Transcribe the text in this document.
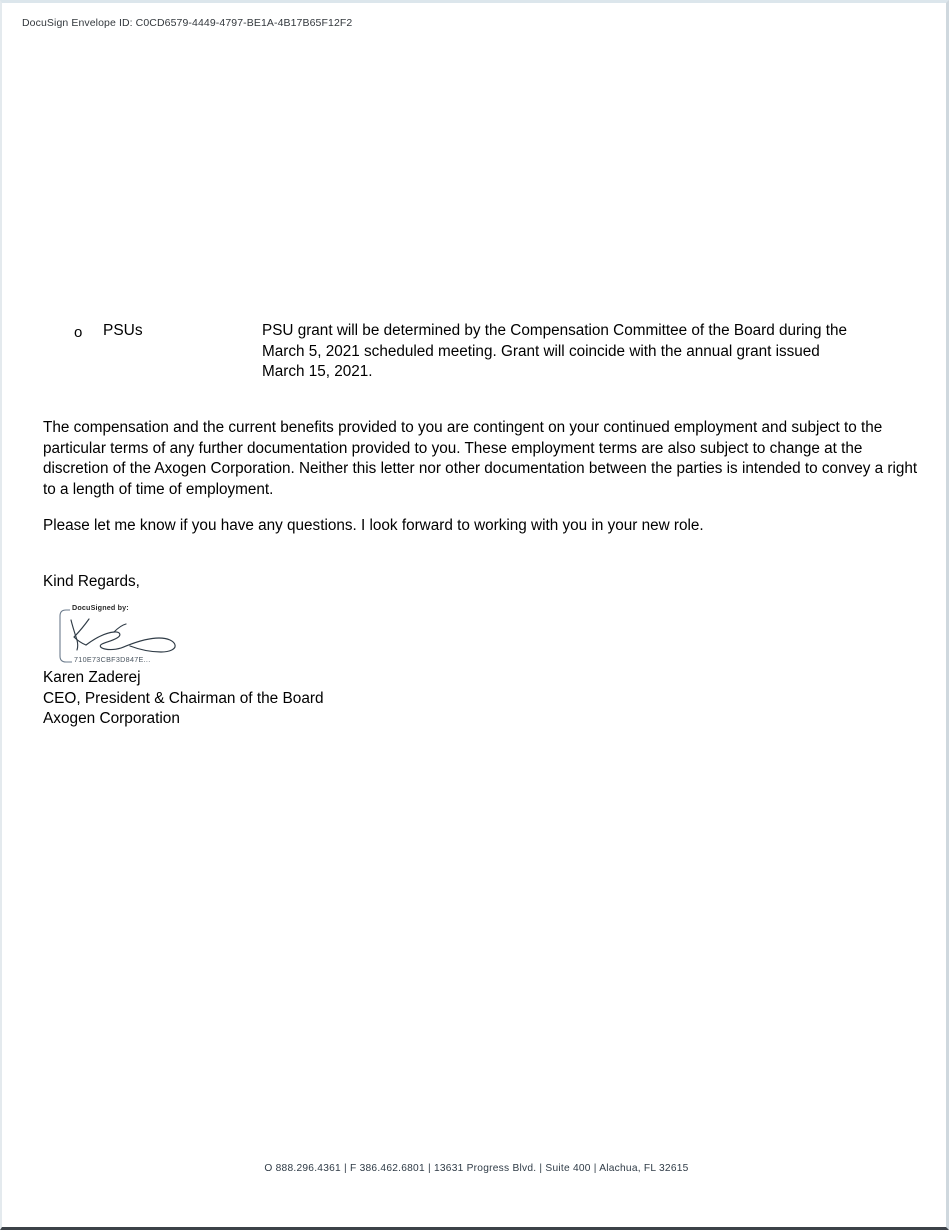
DocuSign Envelope ID: C0CD6579-4449-4797-BE1A-4B17B65F12F2
o PSUs	PSU grant will be determined by the Compensation Committee of the Board during the March 5, 2021 scheduled meeting. Grant will coincide with the annual grant issued March 15, 2021.
The compensation and the current benefits provided to you are contingent on your continued employment and subject to the particular terms of any further documentation provided to you. These employment terms are also subject to change at the discretion of the Axogen Corporation. Neither this letter nor other documentation between the parties is intended to convey a right to a length of time of employment.
Please let me know if you have any questions. I look forward to working with you in your new role.
Kind Regards,
DocuSigned by:
710E73CBF3D847E...
Karen Zaderej
CEO, President & Chairman of the Board
Axogen Corporation
O 888.296.4361 | F 386.462.6801 | 13631 Progress Blvd. | Suite 400 | Alachua, FL 32615
